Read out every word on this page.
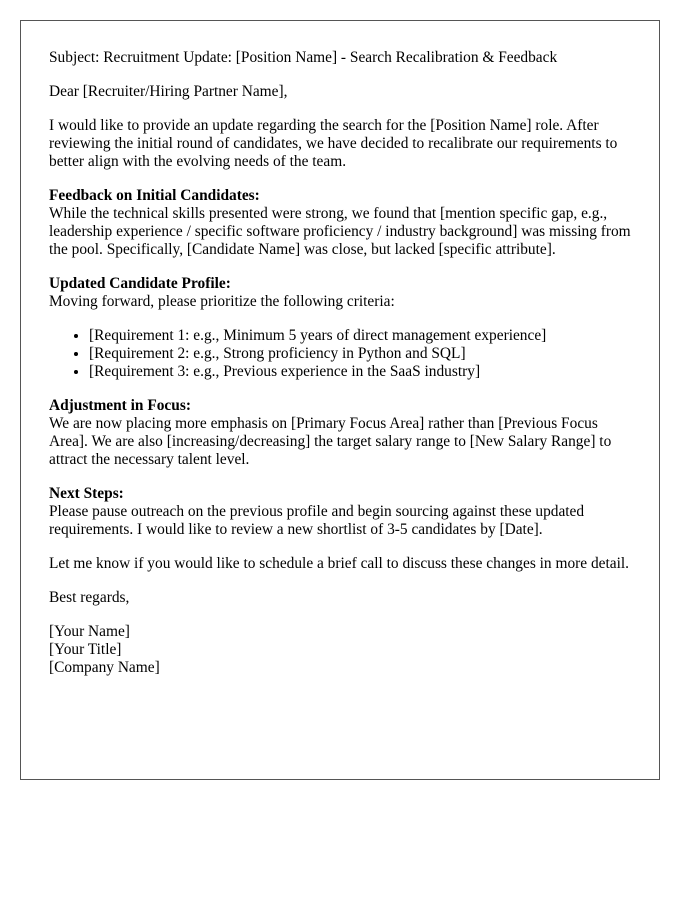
Subject: Recruitment Update: [Position Name] - Search Recalibration & Feedback

Dear [Recruiter/Hiring Partner Name],

I would like to provide an update regarding the search for the [Position Name] role. After reviewing the initial round of candidates, we have decided to recalibrate our requirements to better align with the evolving needs of the team.

Feedback on Initial Candidates:
While the technical skills presented were strong, we found that [mention specific gap, e.g., leadership experience / specific software proficiency / industry background] was missing from the pool. Specifically, [Candidate Name] was close, but lacked [specific attribute].

Updated Candidate Profile:
Moving forward, please prioritize the following criteria:

• [Requirement 1: e.g., Minimum 5 years of direct management experience]
• [Requirement 2: e.g., Strong proficiency in Python and SQL]
• [Requirement 3: e.g., Previous experience in the SaaS industry]

Adjustment in Focus:
We are now placing more emphasis on [Primary Focus Area] rather than [Previous Focus Area]. We are also [increasing/decreasing] the target salary range to [New Salary Range] to attract the necessary talent level.

Next Steps:
Please pause outreach on the previous profile and begin sourcing against these updated requirements. I would like to review a new shortlist of 3-5 candidates by [Date].

Let me know if you would like to schedule a brief call to discuss these changes in more detail.

Best regards,

[Your Name]
[Your Title]
[Company Name]
